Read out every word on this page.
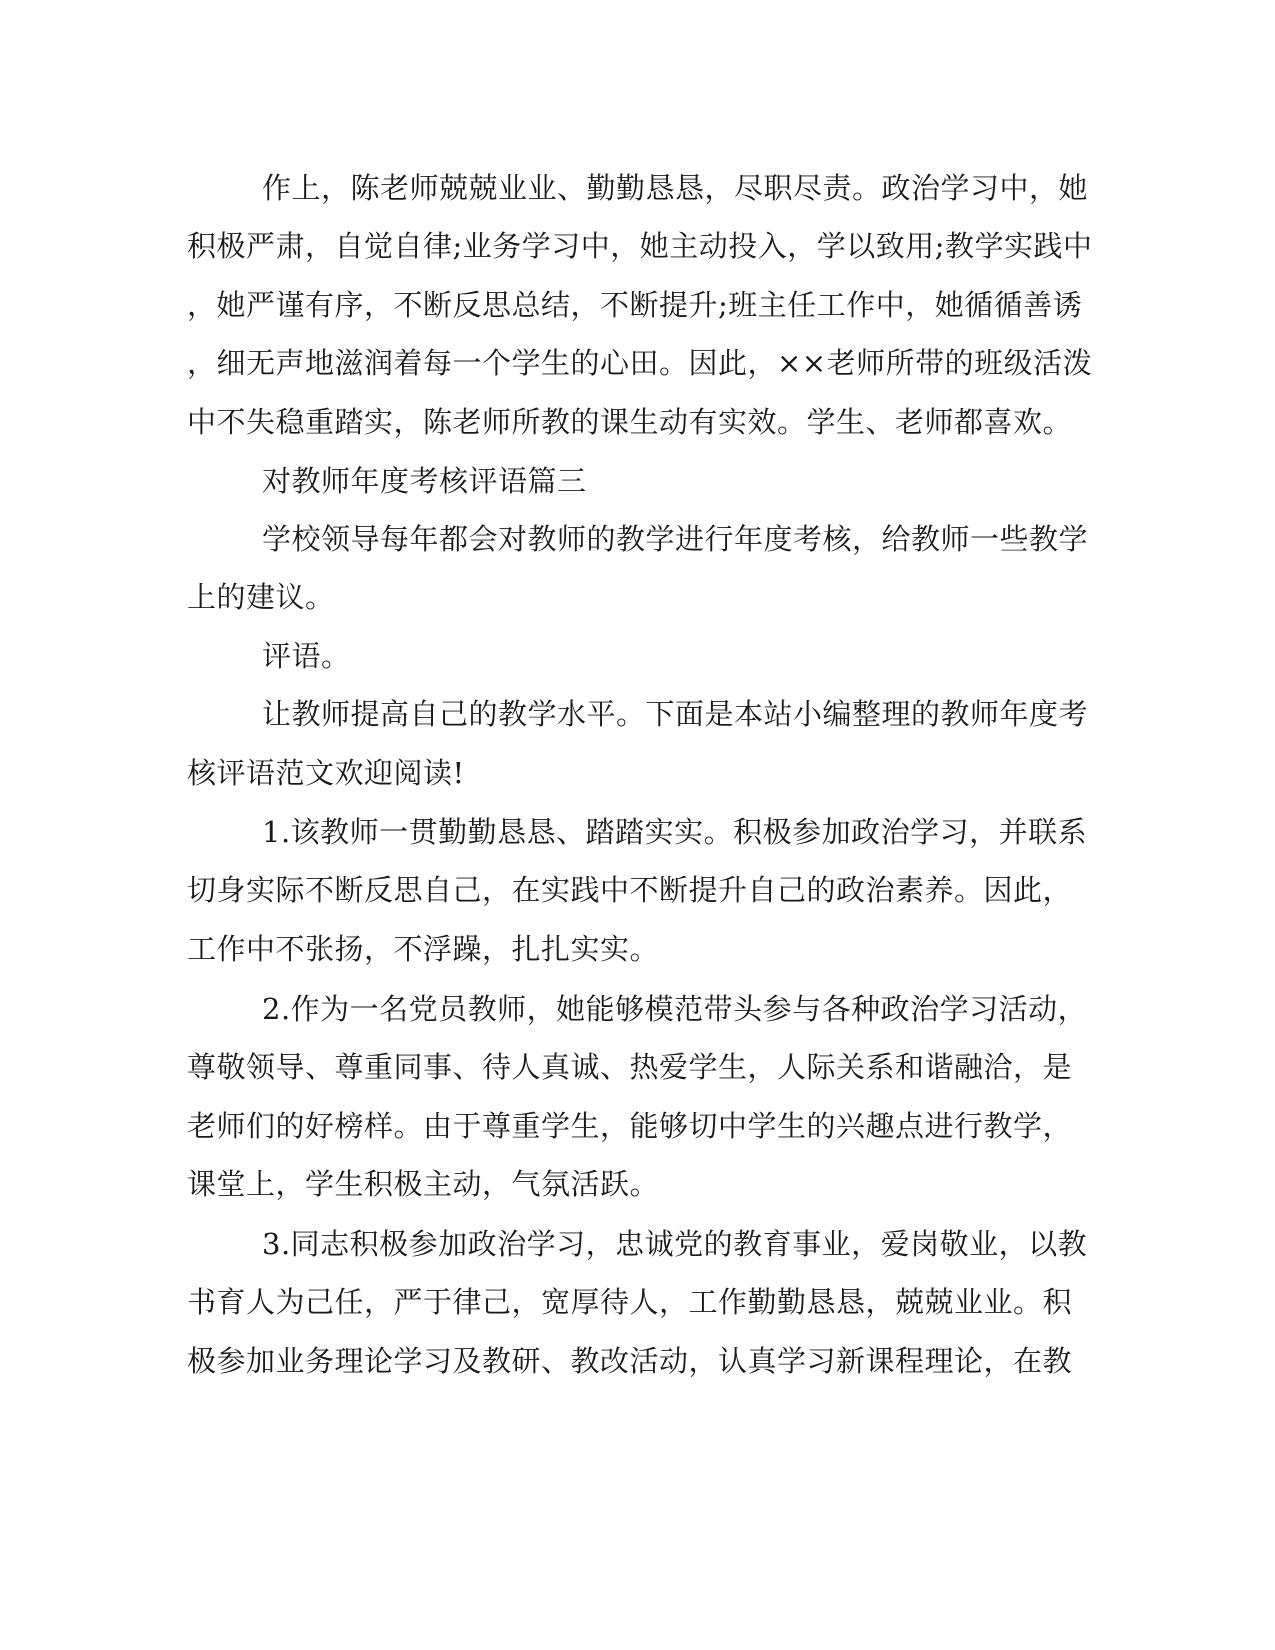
作上，陈老师兢兢业业、勤勤恳恳，尽职尽责。政治学习中，她
积极严肃，自觉自律;业务学习中，她主动投入，学以致用;教学实践中
，她严谨有序，不断反思总结，不断提升;班主任工作中，她循循善诱
，细无声地滋润着每一个学生的心田。因此，××老师所带的班级活泼
中不失稳重踏实，陈老师所教的课生动有实效。学生、老师都喜欢。
对教师年度考核评语篇三
学校领导每年都会对教师的教学进行年度考核，给教师一些教学
上的建议。
评语。
让教师提高自己的教学水平。下面是本站小编整理的教师年度考
核评语范文欢迎阅读!
1.该教师一贯勤勤恳恳、踏踏实实。积极参加政治学习，并联系
切身实际不断反思自己，在实践中不断提升自己的政治素养。因此，
工作中不张扬，不浮躁，扎扎实实。
2.作为一名党员教师，她能够模范带头参与各种政治学习活动，
尊敬领导、尊重同事、待人真诚、热爱学生，人际关系和谐融洽，是
老师们的好榜样。由于尊重学生，能够切中学生的兴趣点进行教学，
课堂上，学生积极主动，气氛活跃。
3.同志积极参加政治学习，忠诚党的教育事业，爱岗敬业，以教
书育人为己任，严于律己，宽厚待人，工作勤勤恳恳，兢兢业业。积
极参加业务理论学习及教研、教改活动，认真学习新课程理论，在教
